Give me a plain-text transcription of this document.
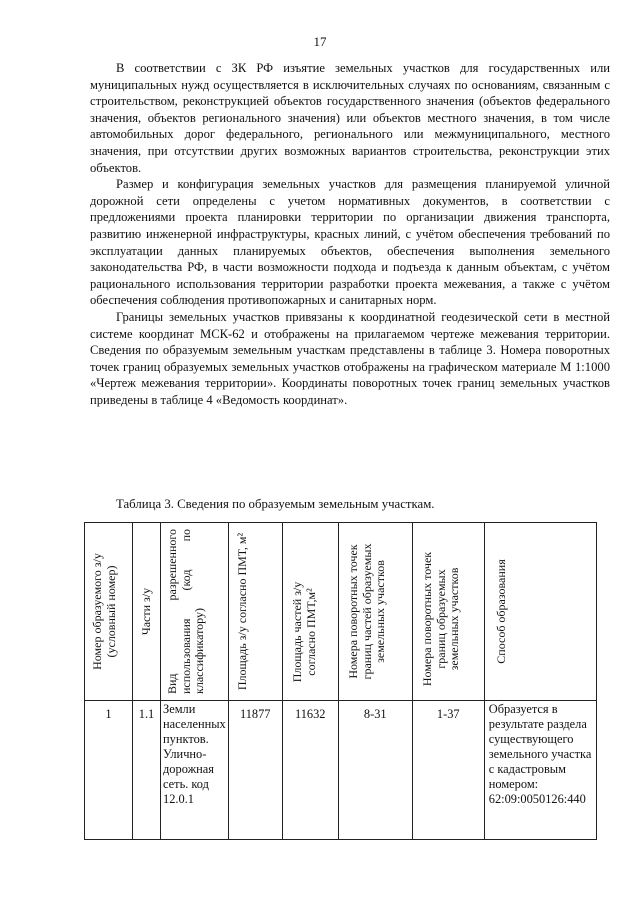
17

В соответствии с ЗК РФ изъятие земельных участков для государственных или муниципальных нужд осуществляется в исключительных случаях по основаниям, связанным с строительством, реконструкцией объектов государственного значения (объектов федерального значения, объектов регионального значения) или объектов местного значения, в том числе автомобильных дорог федерального, регионального или межмуниципального, местного значения, при отсутствии других возможных вариантов строительства, реконструкции этих объектов.

Размер и конфигурация земельных участков для размещения планируемой уличной дорожной сети определены с учетом нормативных документов, в соответствии с предложениями проекта планировки территории по организации движения транспорта, развитию инженерной инфраструктуры, красных линий, с учётом обеспечения требований по эксплуатации данных планируемых объектов, обеспечения выполнения земельного законодательства РФ, в части возможности подхода и подъезда к данным объектам, с учётом рационального использования территории разработки проекта межевания, а также с учётом обеспечения соблюдения противопожарных и санитарных норм.

Границы земельных участков привязаны к координатной геодезической сети в местной системе координат МСК-62 и отображены на прилагаемом чертеже межевания территории. Сведения по образуемым земельным участкам представлены в таблице 3. Номера поворотных точек границ образуемых земельных участков отображены на графическом материале М 1:1000 «Чертеж межевания территории». Координаты поворотных точек границ земельных участков приведены в таблице 4 «Ведомость координат».

Таблица 3. Сведения по образуемым земельным участкам.
Номер образуемого з/у (условный номер)	Части з/у	Вид разрешенного использования (код по классификатору)	Площадь з/у согласно ПМТ, м²	Площадь частей з/у согласно ПМТ,м²	Номера поворотных точек границ частей образуемых земельных участков	Номера поворотных точек границ образуемых земельных участков	Способ образования

1	1.1	Земли населенных пунктов. Улично-дорожная сеть. код 12.0.1	11877	11632	8-31	1-37	Образуется в результате раздела существующего земельного участка с кадастровым номером: 62:09:0050126:440
